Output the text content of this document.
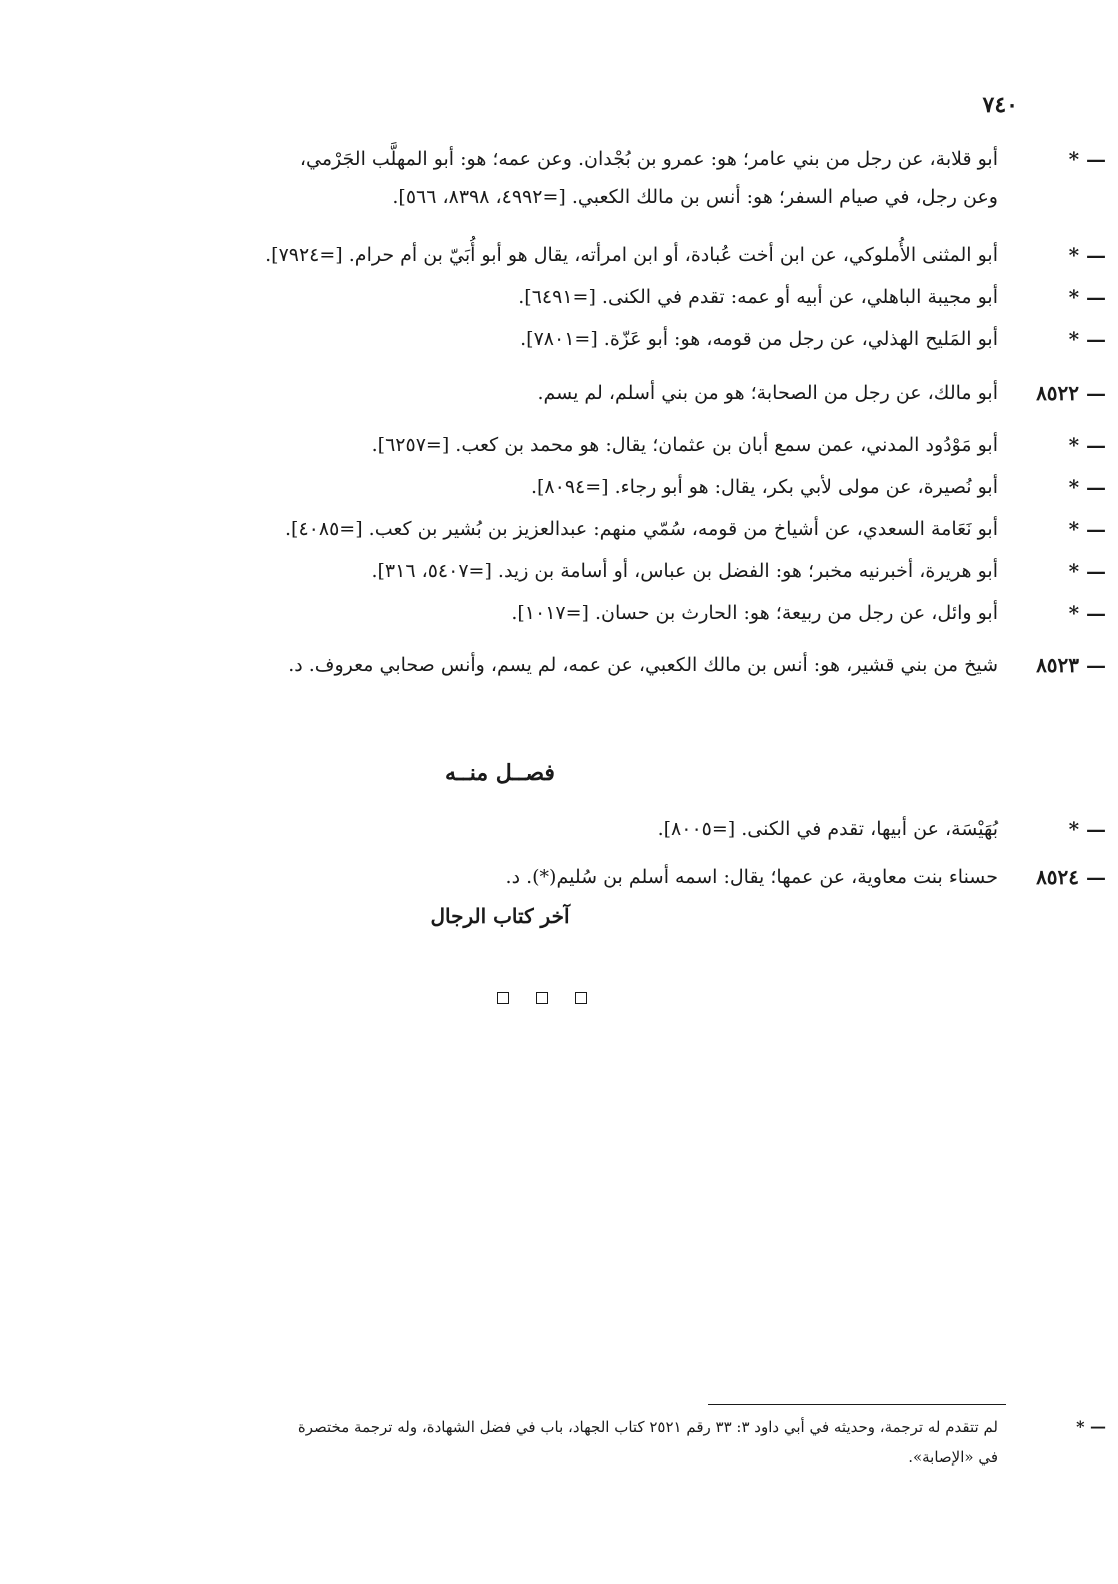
٧٤٠
* —
أبو قلابة، عن رجل من بني عامر؛ هو: عمرو بن بُجْدان. وعن عمه؛ هو: أبو المهلَّب الجَرْمي،
وعن رجل، في صيام السفر؛ هو: أنس بن مالك الكعبي. [=٤٩٩٢، ٨٣٩٨، ٥٦٦].
* —
أبو المثنى الأُملوكي، عن ابن أخت عُبادة، أو ابن امرأته، يقال هو أبو أُبَيّ بن أم حرام. [=٧٩٢٤].
* —
أبو مجيبة الباهلي، عن أبيه أو عمه: تقدم في الكنى. [=٦٤٩١].
* —
أبو المَليح الهذلي، عن رجل من قومه، هو: أبو عَزّة. [=٧٨٠١].
٨٥٢٢ —
أبو مالك، عن رجل من الصحابة؛ هو من بني أسلم، لم يسم.
* —
أبو مَوْدُود المدني، عمن سمع أبان بن عثمان؛ يقال: هو محمد بن كعب. [=٦٢٥٧].
* —
أبو نُصيرة، عن مولى لأبي بكر، يقال: هو أبو رجاء. [=٨٠٩٤].
* —
أبو نَعَامة السعدي، عن أشياخ من قومه، سُمّي منهم: عبدالعزيز بن بُشير بن كعب. [=٤٠٨٥].
* —
أبو هريرة، أخبرنيه مخبر؛ هو: الفضل بن عباس، أو أسامة بن زيد. [=٥٤٠٧، ٣١٦].
* —
أبو وائل، عن رجل من ربيعة؛ هو: الحارث بن حسان. [=١٠١٧].
٨٥٢٣ —
شيخ من بني قشير، هو: أنس بن مالك الكعبي، عن عمه، لم يسم، وأنس صحابي معروف. د.
فصــل منــه
* —
بُهَيْسَة، عن أبيها، تقدم في الكنى. [=٨٠٠٥].
٨٥٢٤ —
حسناء بنت معاوية، عن عمها؛ يقال: اسمه أسلم بن سُليم(*). د.
آخر كتاب الرجال
* —
لم تتقدم له ترجمة، وحديثه في أبي داود ٣: ٣٣ رقم ٢٥٢١ كتاب الجهاد، باب في فضل الشهادة، وله ترجمة مختصرة
في «الإصابة».
